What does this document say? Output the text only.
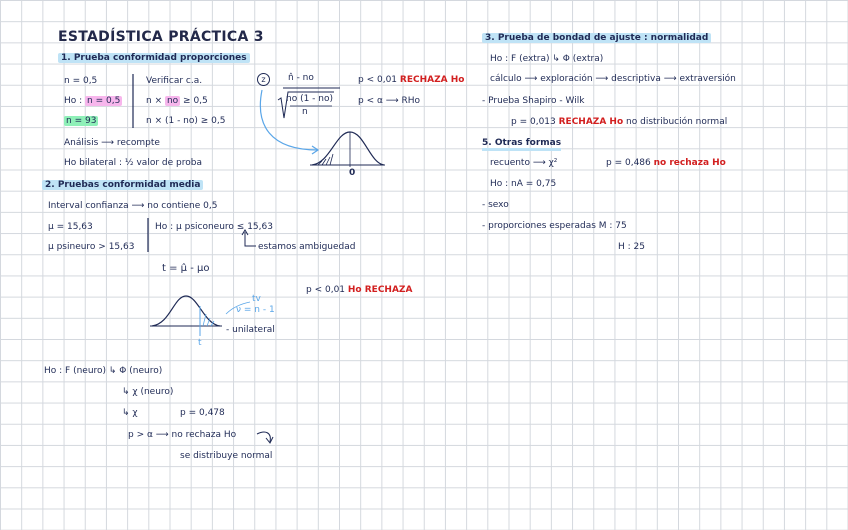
ESTADÍSTICA PRÁCTICA 3
1. Prueba conformidad proporciones
n = 0,5
Ho : n = 0,5
n = 93
Verificar c.a.
n × no ≥ 0,5
n × (1 - no) ≥ 0,5
Análisis ⟶ recompte
Ho bilateral : ½ valor de proba
z	n̂ - no
no (1 - no)
n
p < 0,01 RECHAZA Ho
p < α ⟶ RHo
0
2. Pruebas conformidad media
Interval confianza ⟶ no contiene 0,5
μ = 15,63
μ psineuro > 15,63
Ho : μ psiconeuro ≤ 15,63
estamos ambiguedad
t = μ̂ - μo
p < 0,01 Ho RECHAZA
tv
ν = n - 1
- unilateral
t
Ho : F (neuro) ↳ Φ (neuro)
↳ χ (neuro)
↳ χ	p = 0,478
p > α ⟶ no rechaza Ho
se distribuye normal
3. Prueba de bondad de ajuste : normalidad
Ho : F (extra) ↳ Φ (extra)
cálculo ⟶ exploración ⟶ descriptiva ⟶ extraversión
- Prueba Shapiro - Wilk
p = 0,013 RECHAZA Ho no distribución normal
5. Otras formas
recuento ⟶ χ²	p = 0,486 no rechaza Ho
Ho : nA = 0,75
- sexo
- proporciones esperadas M : 75
H : 25
